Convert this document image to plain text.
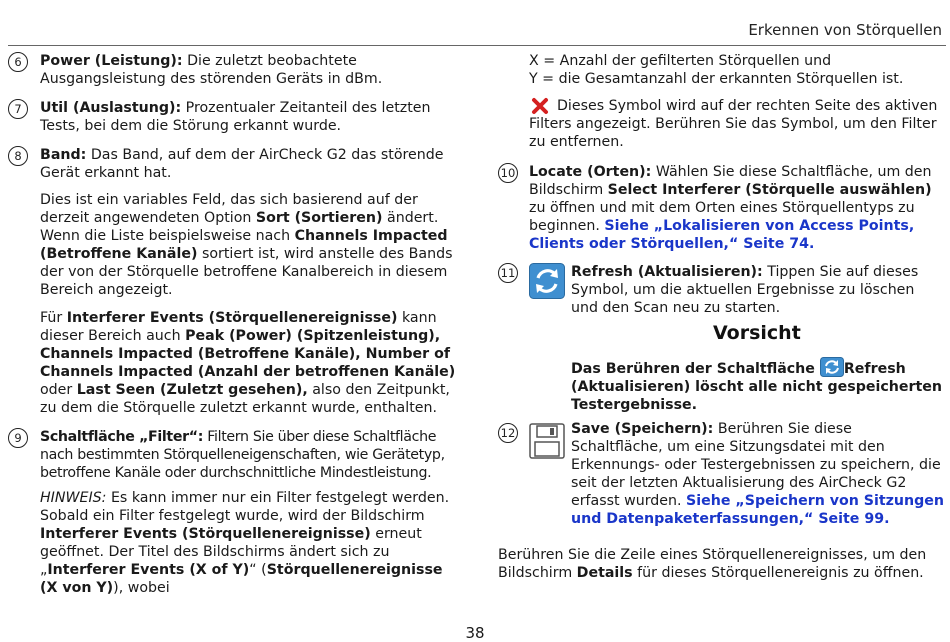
Erkennen von Störquellen
6	Power (Leistung): Die zuletzt beobachtete Ausgangsleistung des störenden Geräts in dBm.

7	Util (Auslastung): Prozentualer Zeitanteil des letzten Tests, bei dem die Störung erkannt wurde.

8	Band: Das Band, auf dem der AirCheck G2 das störende Gerät erkannt hat.

Dies ist ein variables Feld, das sich basierend auf der derzeit angewendeten Option Sort (Sortieren) ändert. Wenn die Liste beispielsweise nach Channels Impacted (Betroffene Kanäle) sortiert ist, wird anstelle des Bands der von der Störquelle betroffene Kanalbereich in diesem Bereich angezeigt.

Für Interferer Events (Störquellenereignisse) kann dieser Bereich auch Peak (Power) (Spitzenleistung), Channels Impacted (Betroffene Kanäle), Number of Channels Impacted (Anzahl der betroffenen Kanäle) oder Last Seen (Zuletzt gesehen), also den Zeitpunkt, zu dem die Störquelle zuletzt erkannt wurde, enthalten.

9	Schaltfläche „Filter“: Filtern Sie über diese Schaltfläche nach bestimmten Störquelleneigenschaften, wie Gerätetyp, betroffene Kanäle oder durchschnittliche Mindestleistung.

HINWEIS: Es kann immer nur ein Filter festgelegt werden. Sobald ein Filter festgelegt wurde, wird der Bildschirm Interferer Events (Störquellenereignisse) erneut geöffnet. Der Titel des Bildschirms ändert sich zu „Interferer Events (X of Y)“ (Störquellenereignisse (X von Y)), wobei

X = Anzahl der gefilterten Störquellen und

Y = die Gesamtanzahl der erkannten Störquellen ist.

Dieses Symbol wird auf der rechten Seite des aktiven Filters angezeigt. Berühren Sie das Symbol, um den Filter zu entfernen.

10 Locate (Orten): Wählen Sie diese Schaltfläche, um den Bildschirm Select Interferer (Störquelle auswählen) zu öffnen und mit dem Orten eines Störquellentyps zu beginnen. Siehe „Lokalisieren von Access Points, Clients oder Störquellen,“ Seite 74.

11	Refresh (Aktualisieren): Tippen Sie auf dieses Symbol, um die aktuellen Ergebnisse zu löschen und den Scan neu zu starten.

Vorsicht

Das Berühren der Schaltfläche Refresh (Aktualisieren) löscht alle nicht gespeicherten Testergebnisse.

12	Save (Speichern): Berühren Sie diese Schaltfläche, um eine Sitzungsdatei mit den Erkennungs- oder Testergebnissen zu speichern, die seit der letzten Aktualisierung des AirCheck G2 erfasst wurden. Siehe „Speichern von Sitzungen und Datenpaketerfassungen,“ Seite 99.

Berühren Sie die Zeile eines Störquellenereignisses, um den Bildschirm Details für dieses Störquellenereignis zu öffnen.

38
